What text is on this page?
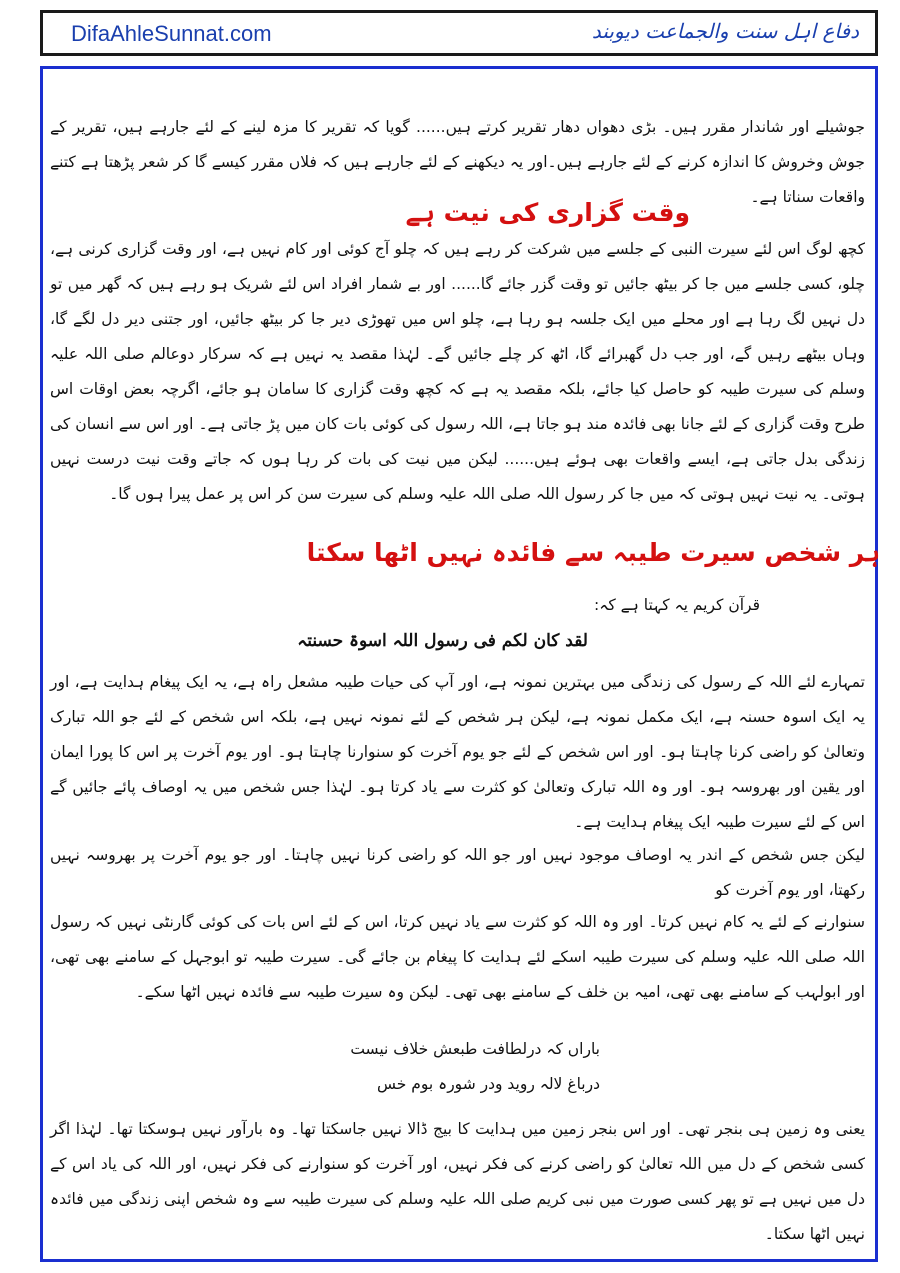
DifaAhleSunnat.com	دفاع اہل سنت والجماعت دیوبند
جوشیلے اور شاندار مقرر ہیں۔ بڑی دھواں دھار تقریر کرتے ہیں...... گویا کہ تقریر کا مزہ لینے کے لئے جارہے ہیں، تقریر کے جوش وخروش کا اندازہ کرنے کے لئے جارہے ہیں۔اور یہ دیکھنے کے لئے جارہے ہیں کہ فلاں مقرر کیسے گا کر شعر پڑھتا ہے کتنے واقعات سناتا ہے۔
وقت گزاری کی نیت ہے
کچھ لوگ اس لئے سیرت النبی کے جلسے میں شرکت کر رہے ہیں کہ چلو آج کوئی اور کام نہیں ہے، اور وقت گزاری کرنی ہے، چلو، کسی جلسے میں جا کر بیٹھ جائیں تو وقت گزر جائے گا...... اور بے شمار افراد اس لئے شریک ہو رہے ہیں کہ گھر میں تو دل نہیں لگ رہا ہے اور محلے میں ایک جلسہ ہو رہا ہے، چلو اس میں تھوڑی دیر جا کر بیٹھ جائیں، اور جتنی دیر دل لگے گا، وہاں بیٹھے رہیں گے، اور جب دل گھبرائے گا، اٹھ کر چلے جائیں گے۔ لہٰذا مقصد یہ نہیں ہے کہ سرکار دوعالم صلی اللہ علیہ وسلم کی سیرت طیبہ کو حاصل کیا جائے، بلکہ مقصد یہ ہے کہ کچھ وقت گزاری کا سامان ہو جائے، اگرچہ بعض اوقات اس طرح وقت گزاری کے لئے جانا بھی فائدہ مند ہو جاتا ہے، اللہ رسول کی کوئی بات کان میں پڑ جاتی ہے۔ اور اس سے انسان کی زندگی بدل جاتی ہے، ایسے واقعات بھی ہوئے ہیں...... لیکن میں نیت کی بات کر رہا ہوں کہ جاتے وقت نیت درست نہیں ہوتی۔ یہ نیت نہیں ہوتی کہ میں جا کر رسول اللہ صلی اللہ علیہ وسلم کی سیرت سن کر اس پر عمل پیرا ہوں گا۔
ہر شخص سیرت طیبہ سے فائدہ نہیں اٹھا سکتا
قرآن کریم یہ کہتا ہے کہ:
لقد کان لکم فی رسول اللہ اسوۃ حسنتہ
تمہارے لئے اللہ کے رسول کی زندگی میں بہترین نمونہ ہے، اور آپ کی حیات طیبہ مشعل راہ ہے، یہ ایک پیغام ہدایت ہے، اور یہ ایک اسوہ حسنہ ہے، ایک مکمل نمونہ ہے، لیکن ہر شخص کے لئے نمونہ نہیں ہے، بلکہ اس شخص کے لئے جو اللہ تبارک وتعالیٰ کو راضی کرنا چاہتا ہو۔ اور اس شخص کے لئے جو یوم آخرت کو سنوارنا چاہتا ہو۔ اور یوم آخرت پر اس کا پورا ایمان اور یقین اور بھروسہ ہو۔ اور وہ اللہ تبارک وتعالیٰ کو کثرت سے یاد کرتا ہو۔ لہٰذا جس شخص میں یہ اوصاف پائے جائیں گے اس کے لئے سیرت طیبہ ایک پیغام ہدایت ہے۔
لیکن جس شخص کے اندر یہ اوصاف موجود نہیں اور جو اللہ کو راضی کرنا نہیں چاہتا۔ اور جو یوم آخرت پر بھروسہ نہیں رکھتا، اور یوم آخرت کو
سنوارنے کے لئے یہ کام نہیں کرتا۔ اور وہ اللہ کو کثرت سے یاد نہیں کرتا، اس کے لئے اس بات کی کوئی گارنٹی نہیں کہ رسول اللہ صلی اللہ علیہ وسلم کی سیرت طیبہ اسکے لئے ہدایت کا پیغام بن جائے گی۔ سیرت طیبہ تو ابوجہل کے سامنے بھی تھی، اور ابولہب کے سامنے بھی تھی، امیہ بن خلف کے سامنے بھی تھی۔ لیکن وہ سیرت طیبہ سے فائدہ نہیں اٹھا سکے۔
باراں کہ درلطافت طبعش خلاف نیست
درباغ لالہ روید ودر شورہ بوم خس
یعنی وہ زمین ہی بنجر تھی۔ اور اس بنجر زمین میں ہدایت کا بیج ڈالا نہیں جاسکتا تھا۔ وہ بارآور نہیں ہوسکتا تھا۔ لہٰذا اگر کسی شخص کے دل میں اللہ تعالیٰ کو راضی کرنے کی فکر نہیں، اور آخرت کو سنوارنے کی فکر نہیں، اور اللہ کی یاد اس کے دل میں نہیں ہے تو پھر کسی صورت میں نبی کریم صلی اللہ علیہ وسلم کی سیرت طیبہ سے وہ شخص اپنی زندگی میں فائدہ نہیں اٹھا سکتا۔
